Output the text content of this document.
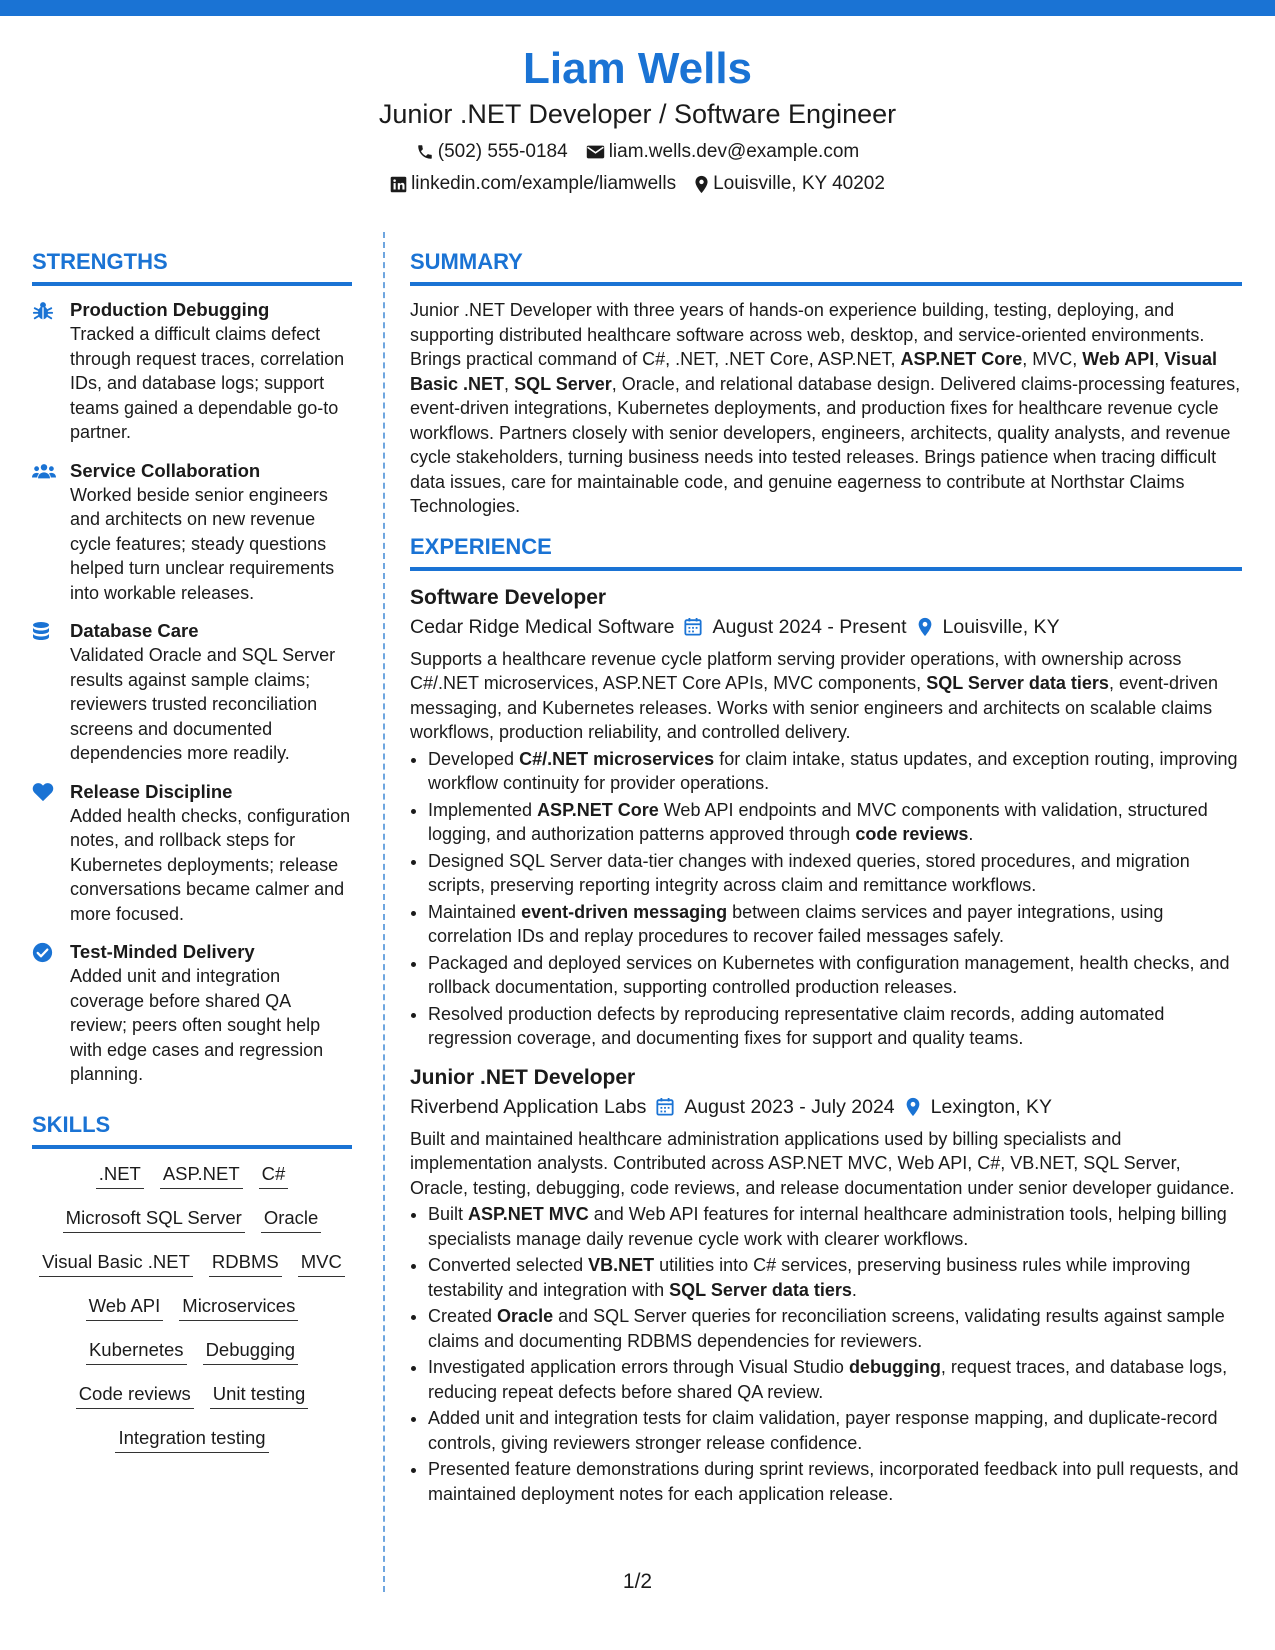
Liam Wells
Junior .NET Developer / Software Engineer
(502) 555-0184 liam.wells.dev@example.com
linkedin.com/example/liamwells Louisville, KY 40202
STRENGTHS
Production Debugging
Tracked a difficult claims defect through request traces, correlation IDs, and database logs; support teams gained a dependable go-to partner.
Service Collaboration
Worked beside senior engineers and architects on new revenue cycle features; steady questions helped turn unclear requirements into workable releases.
Database Care
Validated Oracle and SQL Server results against sample claims; reviewers trusted reconciliation screens and documented dependencies more readily.
Release Discipline
Added health checks, configuration notes, and rollback steps for Kubernetes deployments; release conversations became calmer and more focused.
Test-Minded Delivery
Added unit and integration coverage before shared QA review; peers often sought help with edge cases and regression planning.
SKILLS
.NET ASP.NET C#
Microsoft SQL Server Oracle
Visual Basic .NET RDBMS MVC
Web API Microservices
Kubernetes Debugging
Code reviews Unit testing
Integration testing
SUMMARY
Junior .NET Developer with three years of hands-on experience building, testing, deploying, and supporting distributed healthcare software across web, desktop, and service-oriented environments. Brings practical command of C#, .NET, .NET Core, ASP.NET, ASP.NET Core, MVC, Web API, Visual Basic .NET, SQL Server, Oracle, and relational database design. Delivered claims-processing features, event-driven integrations, Kubernetes deployments, and production fixes for healthcare revenue cycle workflows. Partners closely with senior developers, engineers, architects, quality analysts, and revenue cycle stakeholders, turning business needs into tested releases. Brings patience when tracing difficult data issues, care for maintainable code, and genuine eagerness to contribute at Northstar Claims Technologies.
EXPERIENCE
Software Developer
Cedar Ridge Medical Software August 2024 - Present Louisville, KY
Supports a healthcare revenue cycle platform serving provider operations, with ownership across C#/.NET microservices, ASP.NET Core APIs, MVC components, SQL Server data tiers, event-driven messaging, and Kubernetes releases. Works with senior engineers and architects on scalable claims workflows, production reliability, and controlled delivery.
• Developed C#/.NET microservices for claim intake, status updates, and exception routing, improving workflow continuity for provider operations.
• Implemented ASP.NET Core Web API endpoints and MVC components with validation, structured logging, and authorization patterns approved through code reviews.
• Designed SQL Server data-tier changes with indexed queries, stored procedures, and migration scripts, preserving reporting integrity across claim and remittance workflows.
• Maintained event-driven messaging between claims services and payer integrations, using correlation IDs and replay procedures to recover failed messages safely.
• Packaged and deployed services on Kubernetes with configuration management, health checks, and rollback documentation, supporting controlled production releases.
• Resolved production defects by reproducing representative claim records, adding automated regression coverage, and documenting fixes for support and quality teams.
Junior .NET Developer
Riverbend Application Labs August 2023 - July 2024 Lexington, KY
Built and maintained healthcare administration applications used by billing specialists and implementation analysts. Contributed across ASP.NET MVC, Web API, C#, VB.NET, SQL Server, Oracle, testing, debugging, code reviews, and release documentation under senior developer guidance.
• Built ASP.NET MVC and Web API features for internal healthcare administration tools, helping billing specialists manage daily revenue cycle work with clearer workflows.
• Converted selected VB.NET utilities into C# services, preserving business rules while improving testability and integration with SQL Server data tiers.
• Created Oracle and SQL Server queries for reconciliation screens, validating results against sample claims and documenting RDBMS dependencies for reviewers.
• Investigated application errors through Visual Studio debugging, request traces, and database logs, reducing repeat defects before shared QA review.
• Added unit and integration tests for claim validation, payer response mapping, and duplicate-record controls, giving reviewers stronger release confidence.
• Presented feature demonstrations during sprint reviews, incorporated feedback into pull requests, and maintained deployment notes for each application release.
1/2
